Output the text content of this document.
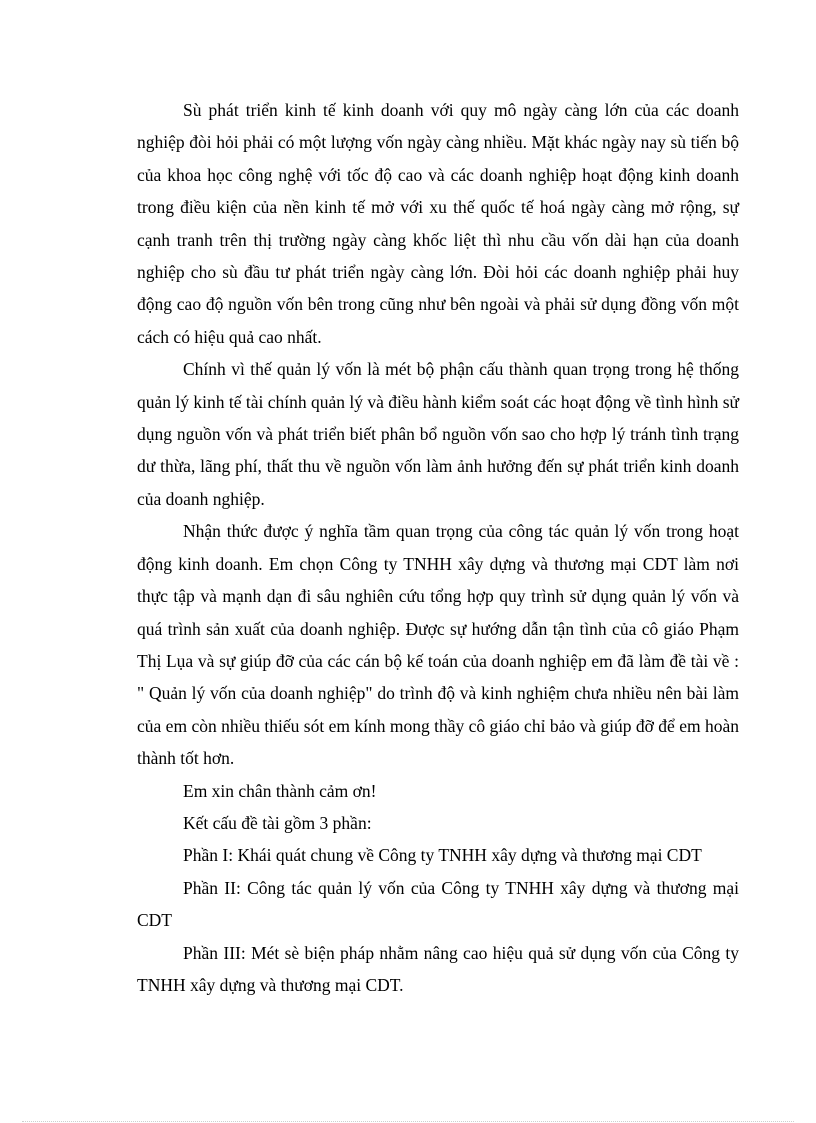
Sù phát triển kinh tế kinh doanh với quy mô ngày càng lớn của các doanh nghiệp đòi hỏi phải có một lượng vốn ngày càng nhiều. Mặt khác ngày nay sù tiến bộ của khoa học công nghệ với tốc độ cao và các doanh nghiệp hoạt động kinh doanh trong điều kiện của nền kinh tế mở với xu thế quốc tế hoá ngày càng mở rộng, sự cạnh tranh trên thị trường ngày càng khốc liệt thì nhu cầu vốn dài hạn của doanh nghiệp cho sù đầu tư phát triển ngày càng lớn. Đòi hỏi các doanh nghiệp phải huy động cao độ nguồn vốn bên trong cũng như bên ngoài và phải sử dụng đồng vốn một cách có hiệu quả cao nhất.

Chính vì thế quản lý vốn là mét bộ phận cấu thành quan trọng trong hệ thống quản lý kinh tế tài chính quản lý và điều hành kiểm soát các hoạt động về tình hình sử dụng nguồn vốn và phát triển biết phân bổ nguồn vốn sao cho hợp lý tránh tình trạng dư thừa, lãng phí, thất thu về nguồn vốn làm ảnh hưởng đến sự phát triển kinh doanh của doanh nghiệp.

Nhận thức được ý nghĩa tầm quan trọng của công tác quản lý vốn trong hoạt động kinh doanh. Em chọn Công ty TNHH xây dựng và thương mại CDT làm nơi thực tập và mạnh dạn đi sâu nghiên cứu tổng hợp quy trình sử dụng quản lý vốn và quá trình sản xuất của doanh nghiệp. Được sự hướng dẫn tận tình của cô giáo Phạm Thị Lụa và sự giúp đỡ của các cán bộ kế toán của doanh nghiệp em đã làm đề tài về : " Quản lý vốn của doanh nghiệp" do trình độ và kinh nghiệm chưa nhiều nên bài làm của em còn nhiều thiếu sót em kính mong thầy cô giáo chỉ bảo và giúp đỡ để em hoàn thành tốt hơn.

Em xin chân thành cảm ơn!

Kết cấu đề tài gồm 3 phần:

Phần I: Khái quát chung về Công ty TNHH xây dựng và thương mại CDT

Phần II: Công tác quản lý vốn của Công ty TNHH xây dựng và thương mại CDT

Phần III: Mét sè biện pháp nhằm nâng cao hiệu quả sử dụng vốn của Công ty TNHH xây dựng và thương mại CDT.
